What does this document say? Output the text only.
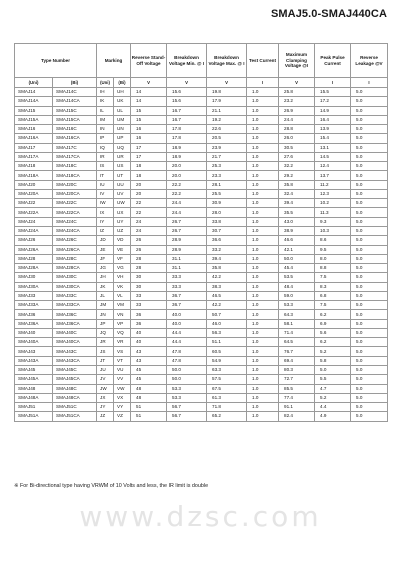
SMAJ5.0-SMAJ440CA
Type Number		Marking		Reverse Stand-Off Voltage	Breakdown Voltage Min. @ I	Breakdown Voltage Max. @ I	Test Current	Maximum Clamping Voltage @I	Peak Pulse Current	Reverse Leakage @V
(Uni)	(Bi)	(Uni)	(Bi)	V	V	V	I	V	I	I
SMAJ14	SMAJ14C	IH	UH	14	15.6	19.8	1.0	25.8	15.5	5.0
SMAJ14A	SMAJ14CA	IK	UK	14	15.6	17.9	1.0	23.2	17.2	5.0
SMAJ15	SMAJ15C	IL	UL	15	16.7	21.1	1.0	26.9	14.9	5.0
SMAJ15A	SMAJ15CA	IM	UM	15	16.7	19.2	1.0	24.4	16.4	5.0
SMAJ16	SMAJ16C	IN	UN	16	17.8	22.6	1.0	28.8	13.9	5.0
SMAJ16A	SMAJ16CA	IP	UP	16	17.8	20.5	1.0	26.0	15.4	5.0
SMAJ17	SMAJ17C	IQ	UQ	17	18.9	23.9	1.0	30.5	13.1	5.0
SMAJ17A	SMAJ17CA	IR	UR	17	18.9	21.7	1.0	27.6	14.5	5.0
SMAJ18	SMAJ18C	IS	US	18	20.0	25.3	1.0	32.2	12.4	5.0
SMAJ18A	SMAJ18CA	IT	UT	18	20.0	23.3	1.0	29.2	13.7	5.0
SMAJ20	SMAJ20C	IU	UU	20	22.2	28.1	1.0	35.8	11.2	5.0
SMAJ20A	SMAJ20CA	IV	UV	20	22.2	25.5	1.0	32.4	12.3	5.0
SMAJ22	SMAJ22C	IW	UW	22	24.4	30.9	1.0	39.4	10.2	5.0
SMAJ22A	SMAJ22CA	IX	UX	22	24.4	28.0	1.0	35.5	11.3	5.0
SMAJ24	SMAJ24C	IY	UY	24	26.7	33.8	1.0	43.0	9.3	5.0
SMAJ24A	SMAJ24CA	IZ	UZ	24	26.7	30.7	1.0	38.9	10.3	5.0
SMAJ26	SMAJ26C	JD	VD	26	28.9	36.6	1.0	46.6	8.6	5.0
SMAJ26A	SMAJ26CA	JE	VE	26	28.9	33.2	1.0	42.1	9.5	5.0
SMAJ28	SMAJ28C	JF	VF	28	31.1	39.4	1.0	50.0	8.0	5.0
SMAJ28A	SMAJ28CA	JG	VG	28	31.1	35.8	1.0	45.4	8.8	5.0
SMAJ30	SMAJ30C	JH	VH	30	33.3	42.2	1.0	53.5	7.5	5.0
SMAJ30A	SMAJ30CA	JK	VK	30	33.3	38.3	1.0	48.4	8.3	5.0
SMAJ33	SMAJ33C	JL	VL	33	36.7	46.5	1.0	59.0	6.8	5.0
SMAJ33A	SMAJ33CA	JM	VM	33	36.7	42.2	1.0	53.3	7.5	5.0
SMAJ36	SMAJ36C	JN	VN	36	40.0	50.7	1.0	64.3	6.2	5.0
SMAJ36A	SMAJ36CA	JP	VP	36	40.0	46.0	1.0	58.1	6.9	5.0
SMAJ40	SMAJ40C	JQ	VQ	40	44.4	56.3	1.0	71.4	5.6	5.0
SMAJ40A	SMAJ40CA	JR	VR	40	44.4	51.1	1.0	64.5	6.2	5.0
SMAJ43	SMAJ43C	JS	VS	43	47.8	60.5	1.0	76.7	5.2	5.0
SMAJ43A	SMAJ43CA	JT	VT	43	47.8	54.9	1.0	69.4	5.8	5.0
SMAJ45	SMAJ45C	JU	VU	45	50.0	63.3	1.0	80.3	5.0	5.0
SMAJ45A	SMAJ45CA	JV	VV	45	50.0	57.5	1.0	72.7	5.5	5.0
SMAJ48	SMAJ48C	JW	VW	48	53.3	67.5	1.0	85.5	4.7	5.0
SMAJ48A	SMAJ48CA	JX	VX	48	53.3	61.3	1.0	77.4	5.2	5.0
SMAJ51	SMAJ51C	JY	VY	51	56.7	71.8	1.0	91.1	4.4	5.0
SMAJ51A	SMAJ51CA	JZ	VZ	51	56.7	65.2	1.0	82.4	4.9	5.0
※ For Bi-directional type having VRWM of 10 Volts and less, the IR limit is double
www.dzsc.com
